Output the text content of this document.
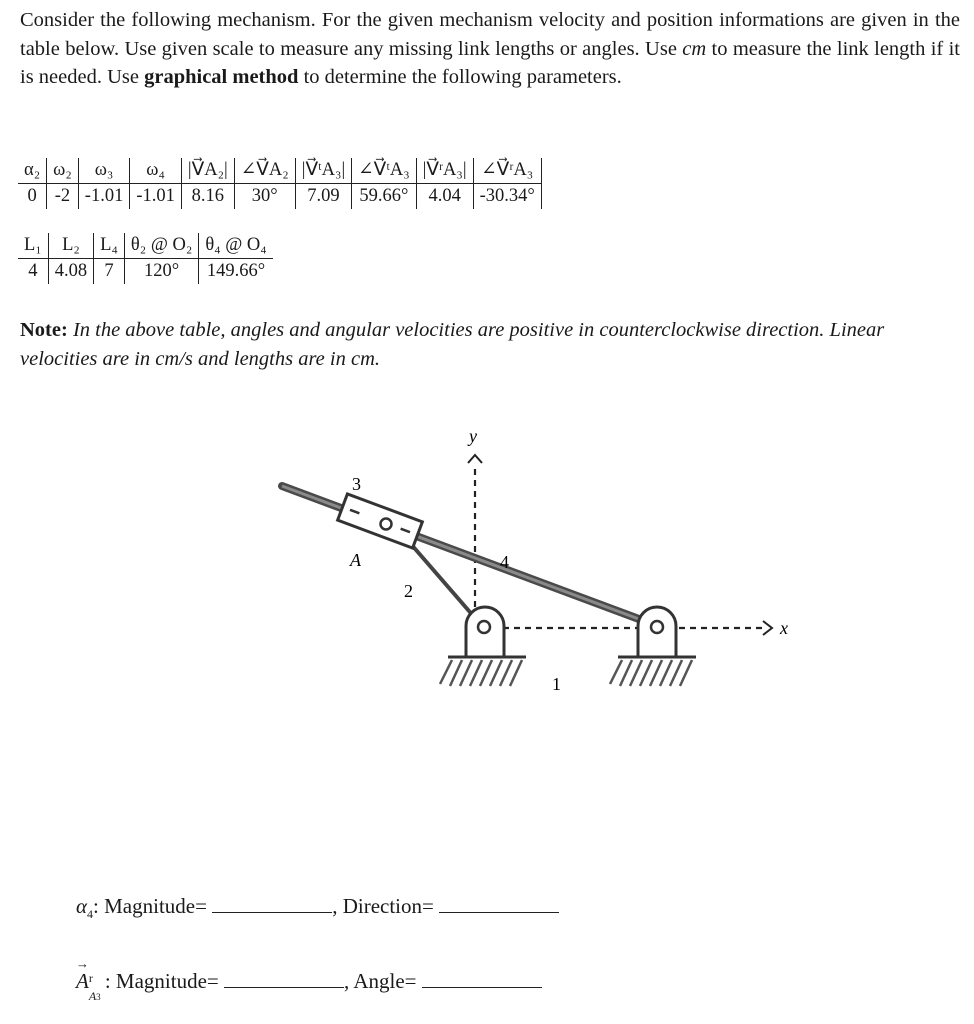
Consider the following mechanism. For the given mechanism velocity and position informations are given in the table below. Use given scale to measure any missing link lengths or angles. Use cm to measure the link length if it is needed. Use graphical method to determine the following parameters.
α₂	ω₂	ω₃	ω₄	|V⃗A₂|	∠V⃗A₂	|V⃗ᵗA₃|	∠V⃗ᵗA₃	|V⃗ʳA₃|	∠V⃗ʳA₃	
0	-2	-1.01	-1.01	8.16	30°	7.09	59.66°	4.04	-30.34°	
L₁	L₂	L₄	θ₂ @ O₂	θ₄ @ O₄
4	4.08	7	120°	149.66°
Note: In the above table, angles and angular velocities are positive in counterclockwise direction. Linear velocities are in cm/s and lengths are in cm.
y
x
3
A
2
4
1
$\alpha_4$: Magnitude=	, Direction=
→ A r
A3
: Magnitude=	, Angle=
